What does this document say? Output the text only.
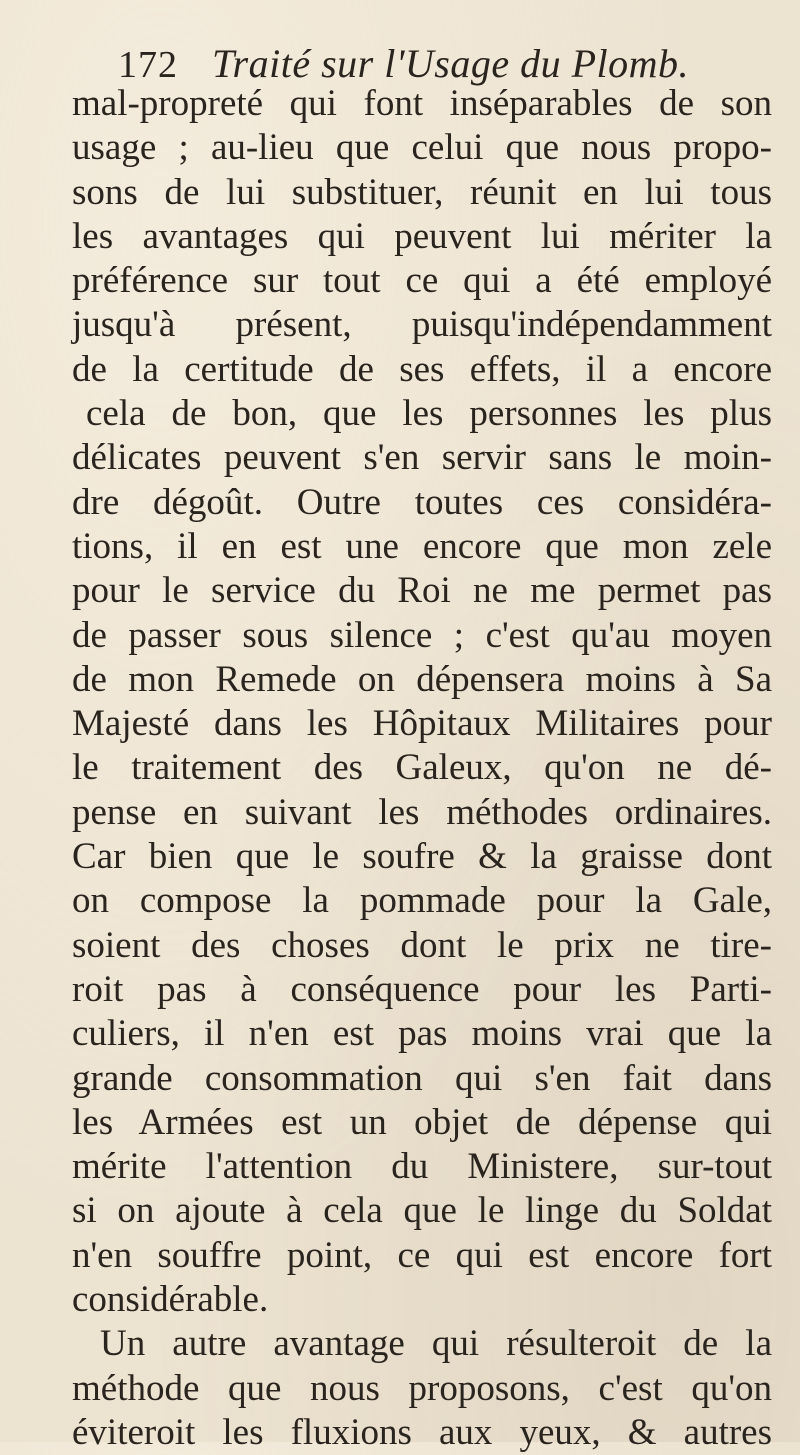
172 Traité sur l'Usage du Plomb.
mal-propreté qui font inséparables de son
usage ; au-lieu que celui que nous propo-
sons de lui substituer, réunit en lui tous
les avantages qui peuvent lui mériter la
préférence sur tout ce qui a été employé
jusqu'à présent, puisqu'indépendamment
de la certitude de ses effets, il a encore
cela de bon, que les personnes les plus
délicates peuvent s'en servir sans le moin-
dre dégoût. Outre toutes ces considéra-
tions, il en est une encore que mon zele
pour le service du Roi ne me permet pas
de passer sous silence ; c'est qu'au moyen
de mon Remede on dépensera moins à Sa
Majesté dans les Hôpitaux Militaires pour
le traitement des Galeux, qu'on ne dé-
pense en suivant les méthodes ordinaires.
Car bien que le soufre & la graisse dont
on compose la pommade pour la Gale,
soient des choses dont le prix ne tire-
roit pas à conséquence pour les Parti-
culiers, il n'en est pas moins vrai que la
grande consommation qui s'en fait dans
les Armées est un objet de dépense qui
mérite l'attention du Ministere, sur-tout
si on ajoute à cela que le linge du Soldat
n'en souffre point, ce qui est encore fort
considérable.
Un autre avantage qui résulteroit de la
méthode que nous proposons, c'est qu'on
éviteroit les fluxions aux yeux, & autres
